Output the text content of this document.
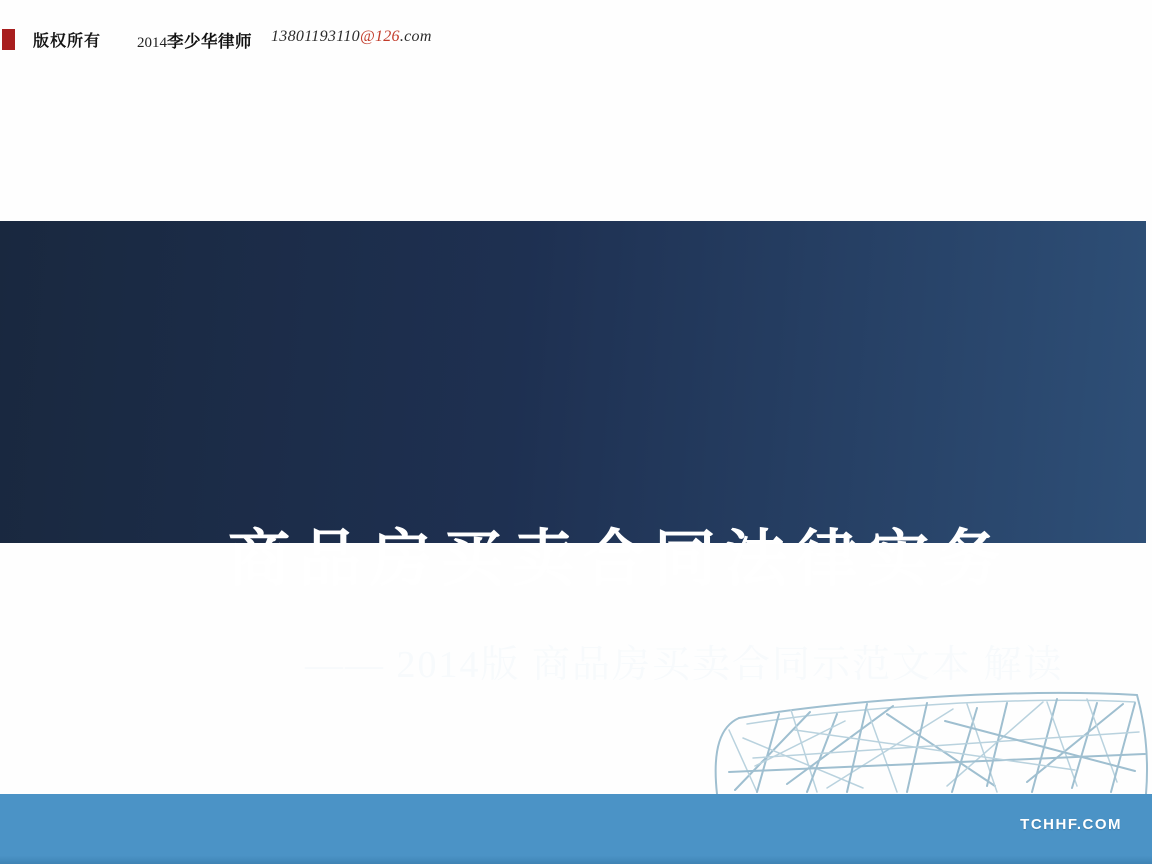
版权所有 2014李少华律师 13801193110@126.com
商品房买卖合同法律实务
—— 2014版 商品房买卖合同示范文本 解读
TCHHF.COM
